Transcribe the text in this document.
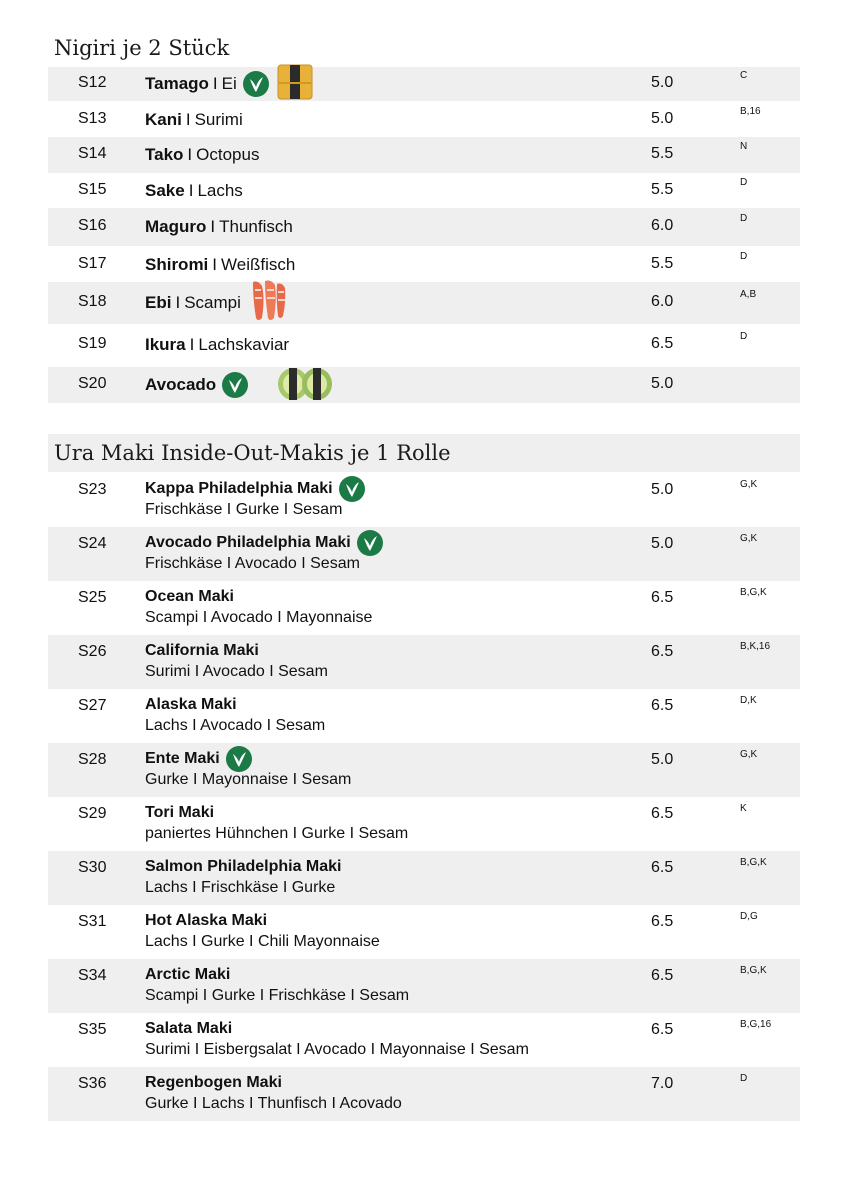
Nigiri je 2 Stück
S12 Tamago I Ei	5.0	C
S13 Kani I Surimi	5.0	B,16
S14 Tako I Octopus	5.5	N
S15 Sake I Lachs	5.5	D
S16 Maguro I Thunfisch	6.0	D
S17 Shiromi I Weißfisch	5.5	D
S18 Ebi I Scampi	6.0	A,B
S19 Ikura I Lachskaviar	6.5	D
S20 Avocado	5.0
Ura Maki Inside-Out-Makis je 1 Rolle
S23 Kappa Philadelphia Maki
Frischkäse I Gurke I Sesam
5.0	G,K
S24 Avocado Philadelphia Maki
Frischkäse I Avocado I Sesam
5.0	G,K
S25 Ocean Maki
Scampi I Avocado I Mayonnaise
6.5	B,G,K
S26 California Maki
Surimi I Avocado I Sesam
6.5	B,K,16
S27 Alaska Maki
Lachs I Avocado I Sesam
6.5	D,K
S28 Ente Maki
Gurke I Mayonnaise I Sesam
5.0	G,K
S29 Tori Maki
paniertes Hühnchen I Gurke I Sesam
6.5	K
S30 Salmon Philadelphia Maki
Lachs I Frischkäse I Gurke
6.5	B,G,K
S31 Hot Alaska Maki
Lachs I Gurke I Chili Mayonnaise
6.5	D,G
S34 Arctic Maki
Scampi I Gurke I Frischkäse I Sesam
6.5	B,G,K
S35 Salata Maki
Surimi I Eisbergsalat I Avocado I Mayonnaise I Sesam
6.5	B,G,16
S36 Regenbogen Maki
Gurke I Lachs I Thunfisch I Acovado
7.0	D
